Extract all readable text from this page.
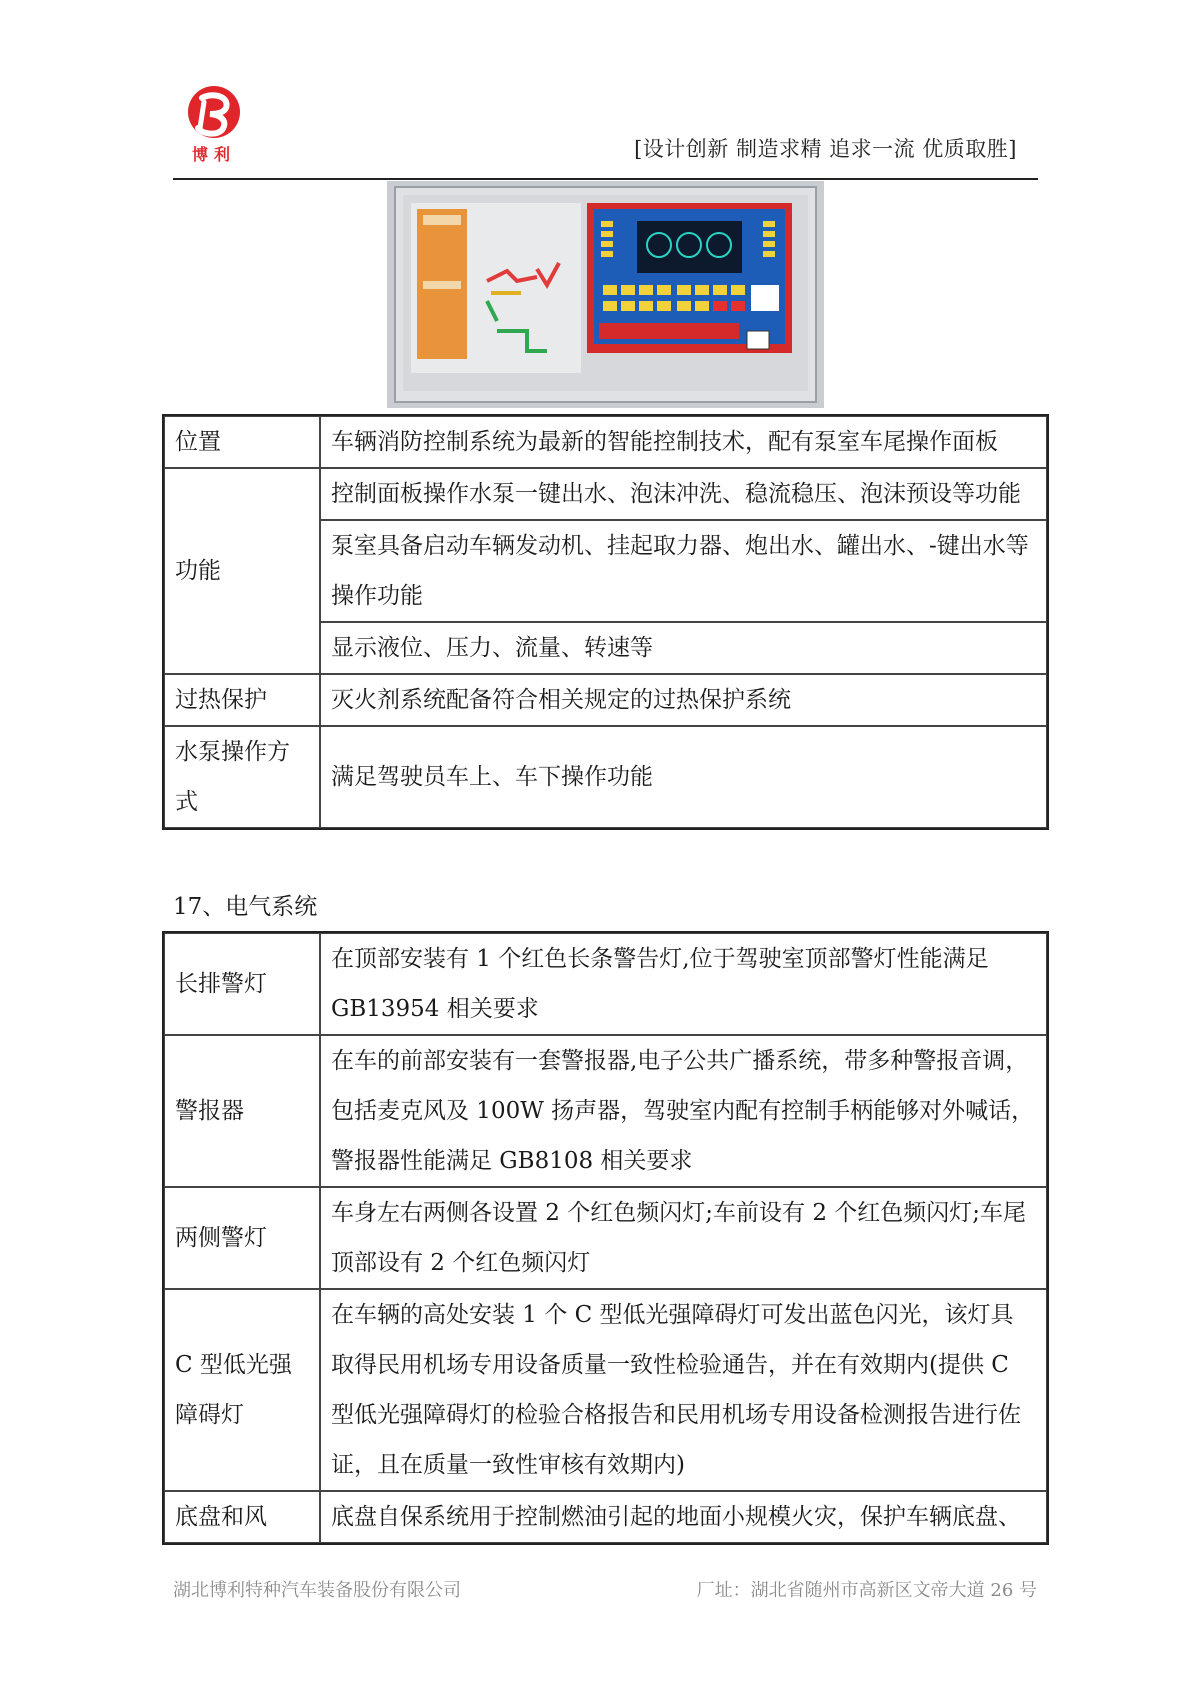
博利	[设计创新 制造求精 追求一流 优质取胜]
位置	车辆消防控制系统为最新的智能控制技术，配有泵室车尾操作面板
功能	控制面板操作水泵一键出水、泡沫冲洗、稳流稳压、泡沫预设等功能
	泵室具备启动车辆发动机、挂起取力器、炮出水、罐出水、-键出水等操作功能
	显示液位、压力、流量、转速等
过热保护	灭火剂系统配备符合相关规定的过热保护系统
水泵操作方式	满足驾驶员车上、车下操作功能
17、电气系统
长排警灯	在顶部安装有 1 个红色长条警告灯,位于驾驶室顶部警灯性能满足 GB13954 相关要求
警报器	在车的前部安装有一套警报器,电子公共广播系统，带多种警报音调，包括麦克风及 100W 扬声器，驾驶室内配有控制手柄能够对外喊话，警报器性能满足 GB8108 相关要求
两侧警灯	车身左右两侧各设置 2 个红色频闪灯;车前设有 2 个红色频闪灯;车尾顶部设有 2 个红色频闪灯
C 型低光强障碍灯	在车辆的高处安装 1 个 C 型低光强障碍灯可发出蓝色闪光，该灯具取得民用机场专用设备质量一致性检验通告，并在有效期内(提供 C 型低光强障碍灯的检验合格报告和民用机场专用设备检测报告进行佐证，且在质量一致性审核有效期内)
底盘和风	底盘自保系统用于控制燃油引起的地面小规模火灾，保护车辆底盘、
湖北博利特种汽车装备股份有限公司	厂址：湖北省随州市高新区文帝大道 26 号
